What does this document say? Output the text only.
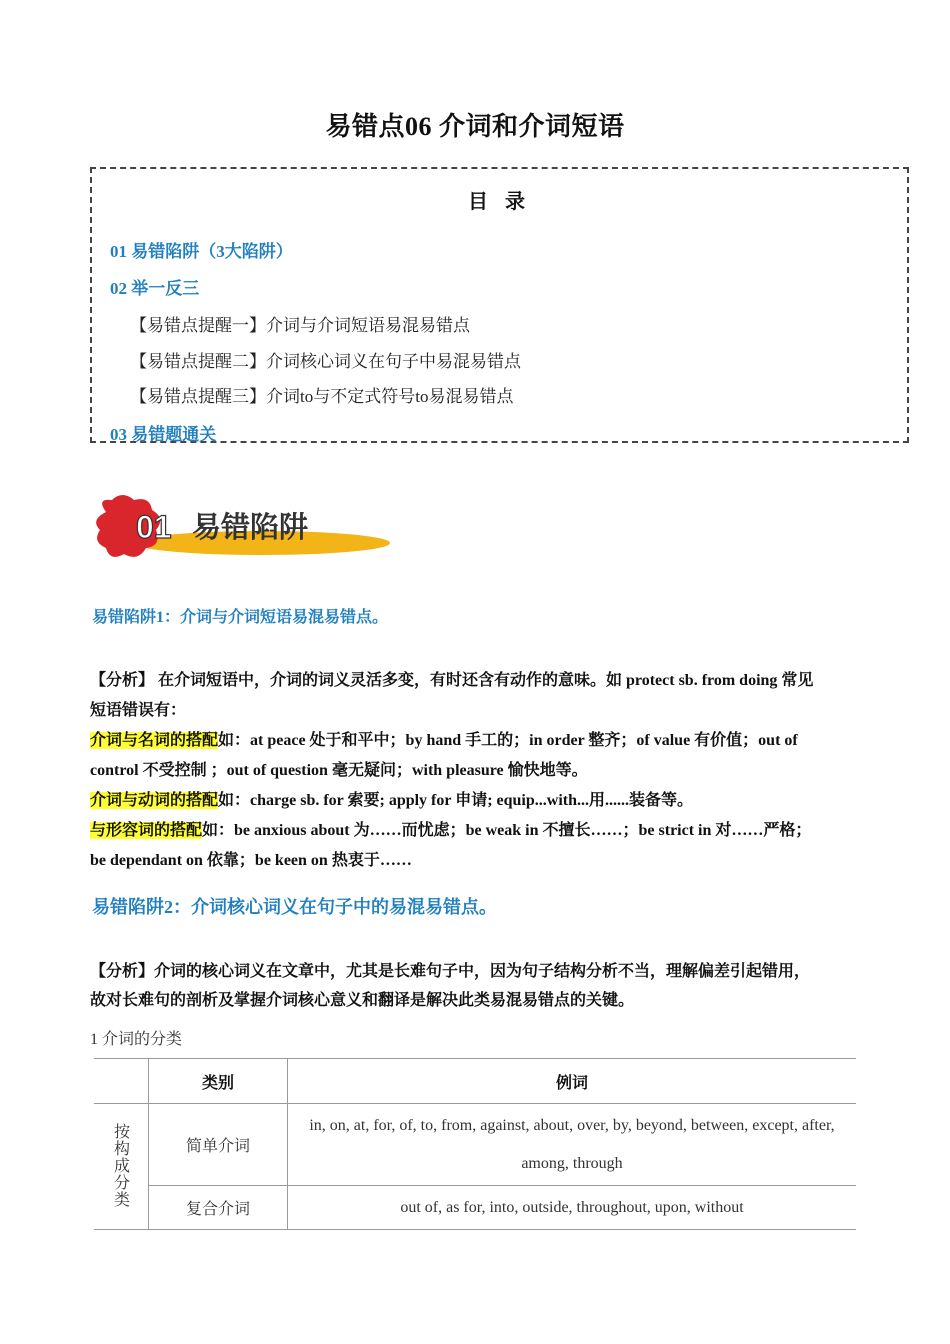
易错点06 介词和介词短语
目 录
01 易错陷阱（3大陷阱）
02 举一反三
【易错点提醒一】介词与介词短语易混易错点
【易错点提醒二】介词核心词义在句子中易混易错点
【易错点提醒三】介词to与不定式符号to易混易错点
03 易错题通关
01 易错陷阱
易错陷阱1：介词与介词短语易混易错点。
【分析】 在介词短语中，介词的词义灵活多变，有时还含有动作的意味。如 protect sb. from doing 常见
短语错误有：
介词与名词的搭配如：at peace 处于和平中；by hand 手工的；in order 整齐；of value 有价值；out of
control 不受控制 ；out of question 毫无疑问；with pleasure 愉快地等。
介词与动词的搭配如：charge sb. for 索要; apply for 申请; equip...with...用......装备等。
与形容词的搭配如：be anxious about 为……而忧虑；be weak in 不擅长……；be strict in 对……严格；
be dependant on 依靠；be keen on 热衷于……
易错陷阱2：介词核心词义在句子中的易混易错点。
【分析】介词的核心词义在文章中，尤其是长难句子中，因为句子结构分析不当，理解偏差引起错用，
故对长难句的剖析及掌握介词核心意义和翻译是解决此类易混易错点的关键。
1 介词的分类
	类别	例词

按构成分类	简单介词	in, on, at, for, of, to, from, against, about, over, by, beyond, between, except, after,
among, through

	复合介词	out of, as for, into, outside, throughout, upon, without
